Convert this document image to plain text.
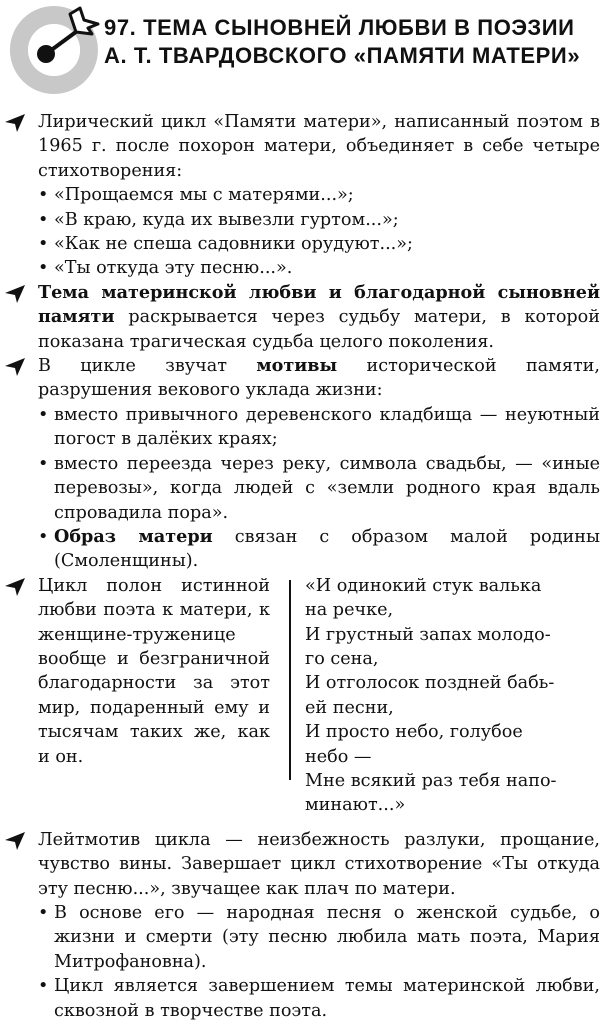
97. ТЕМА СЫНОВНЕЙ ЛЮБВИ В ПОЭЗИИ
А. Т. ТВАРДОВСКОГО «ПАМЯТИ МАТЕРИ»
Лирический цикл «Памяти матери», написанный поэтом в 1965 г. после похорон матери, объединяет в себе четыре стихотворения:
• «Прощаемся мы с матерями...»;
• «В краю, куда их вывезли гуртом...»;
• «Как не спеша садовники орудуют...»;
• «Ты откуда эту песню...».
Тема материнской любви и благодарной сыновней памяти раскрывается через судьбу матери, в которой показана трагическая судьба целого поколения.
В цикле звучат мотивы исторической памяти, разрушения векового уклада жизни:
• вместо привычного деревенского кладбища — неуютный погост в далёких краях;
• вместо переезда через реку, символа свадьбы, — «иные перевозы», когда людей с «земли родного края вдаль спровадила пора».
• Образ матери связан с образом малой родины (Смоленщины).
Цикл полон истинной любви поэта к матери, к женщине-труженице вообще и безграничной благодарности за этот мир, подаренный ему и тысячам таких же, как и он.
«И одинокий стук валька
на речке,
И грустный запах молодо-
го сена,
И отголосок поздней бабь-
ей песни,
И просто небо, голубое
небо —
Мне всякий раз тебя напо-
минают...»
Лейтмотив цикла — неизбежность разлуки, прощание, чувство вины. Завершает цикл стихотворение «Ты откуда эту песню...», звучащее как плач по матери.
• В основе его — народная песня о женской судьбе, о жизни и смерти (эту песню любила мать поэта, Мария Митрофановна).
• Цикл является завершением темы материнской любви, сквозной в творчестве поэта.
